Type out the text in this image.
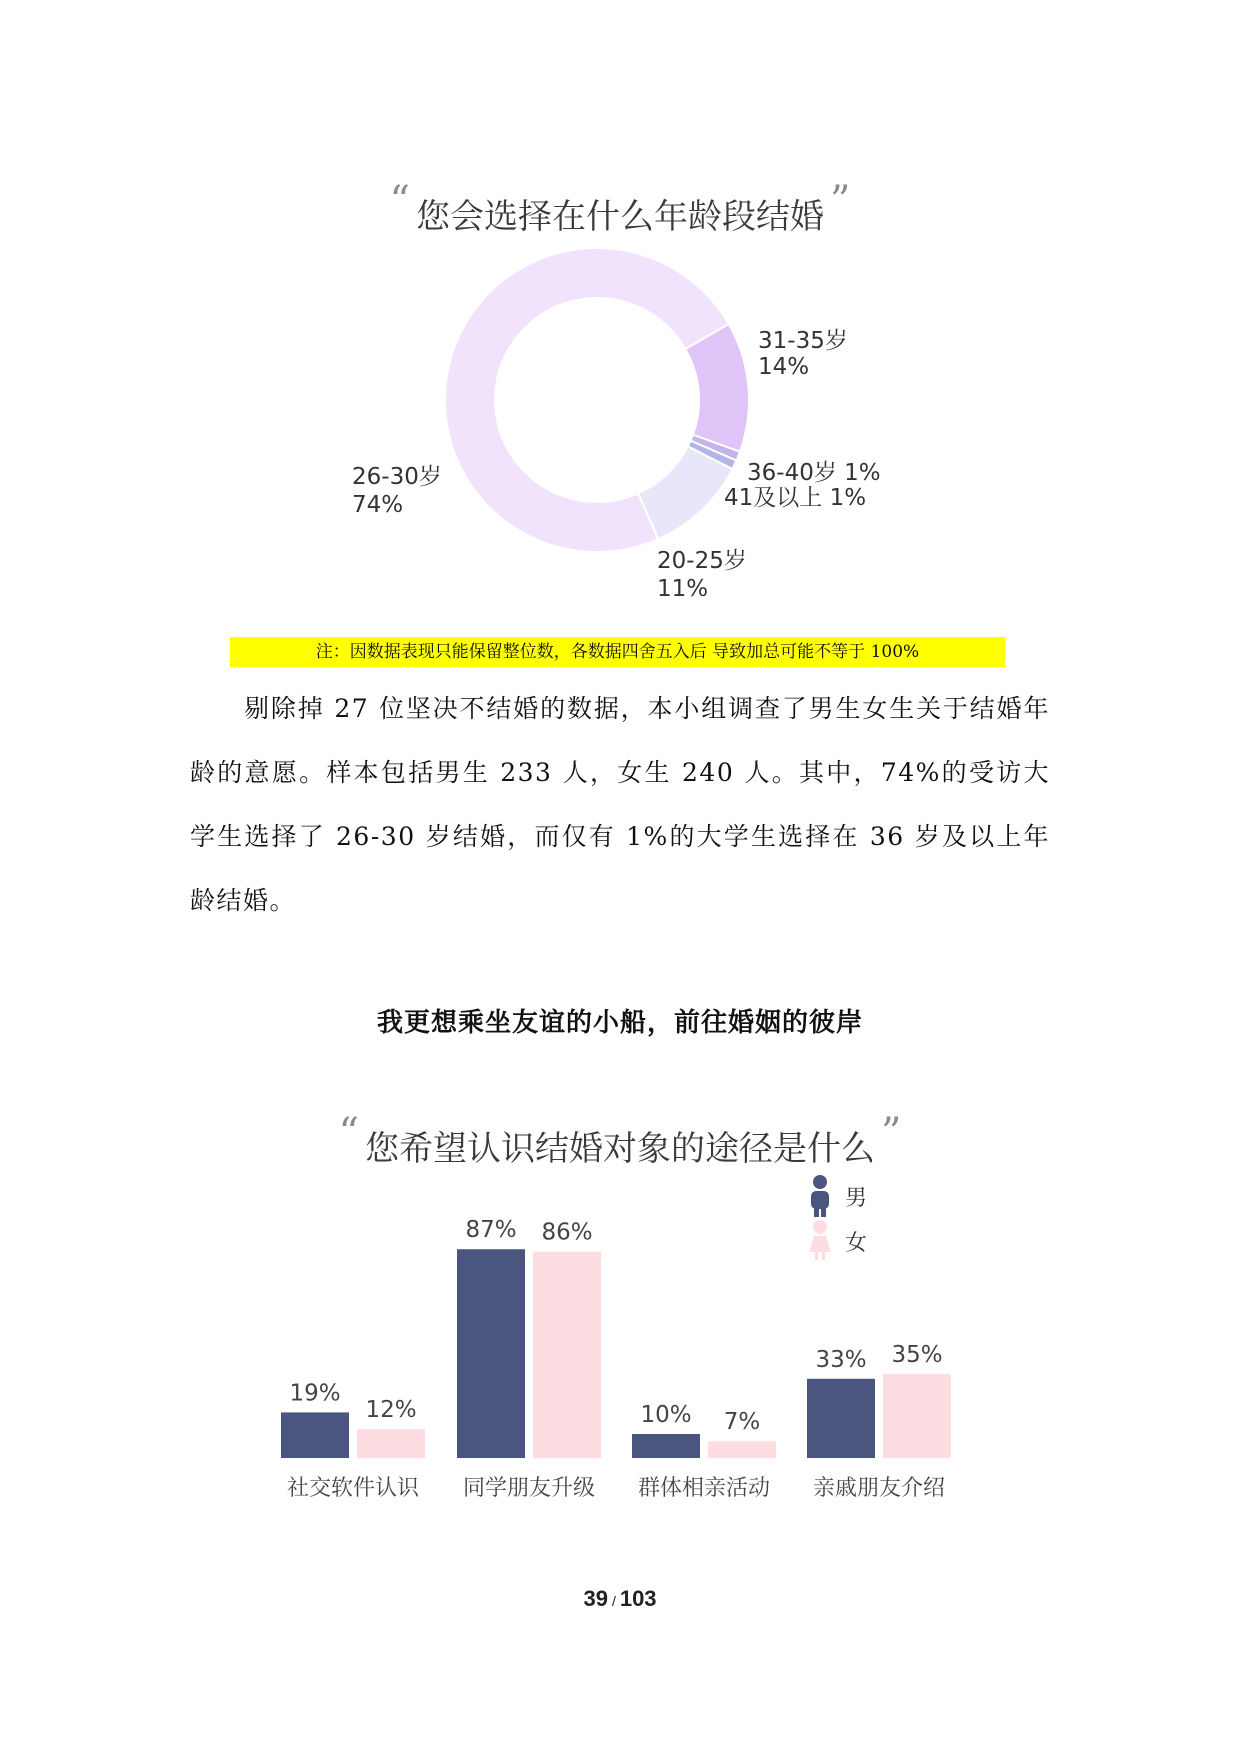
“ 您会选择在什么年龄段结婚 ”
31-35岁
14%
36-40岁 1%
41及以上 1%
20-25岁
11%
26-30岁
74%
注：因数据表现只能保留整位数，各数据四舍五入后 导致加总可能不等于 100%
剔除掉 27 位坚决不结婚的数据，本小组调查了男生女生关于结婚年龄的意愿。样本包括男生 233 人，女生 240 人。其中，74%的受访大学生选择了 26-30 岁结婚，而仅有 1%的大学生选择在 36 岁及以上年龄结婚。
我更想乘坐友谊的小船，前往婚姻的彼岸
“ 您希望认识结婚对象的途径是什么 ”
19%
12%
社交软件认识
87% 86%
同学朋友升级
10% 7%
群体相亲活动
33% 35%
亲戚朋友介绍
男
女
39 / 103
